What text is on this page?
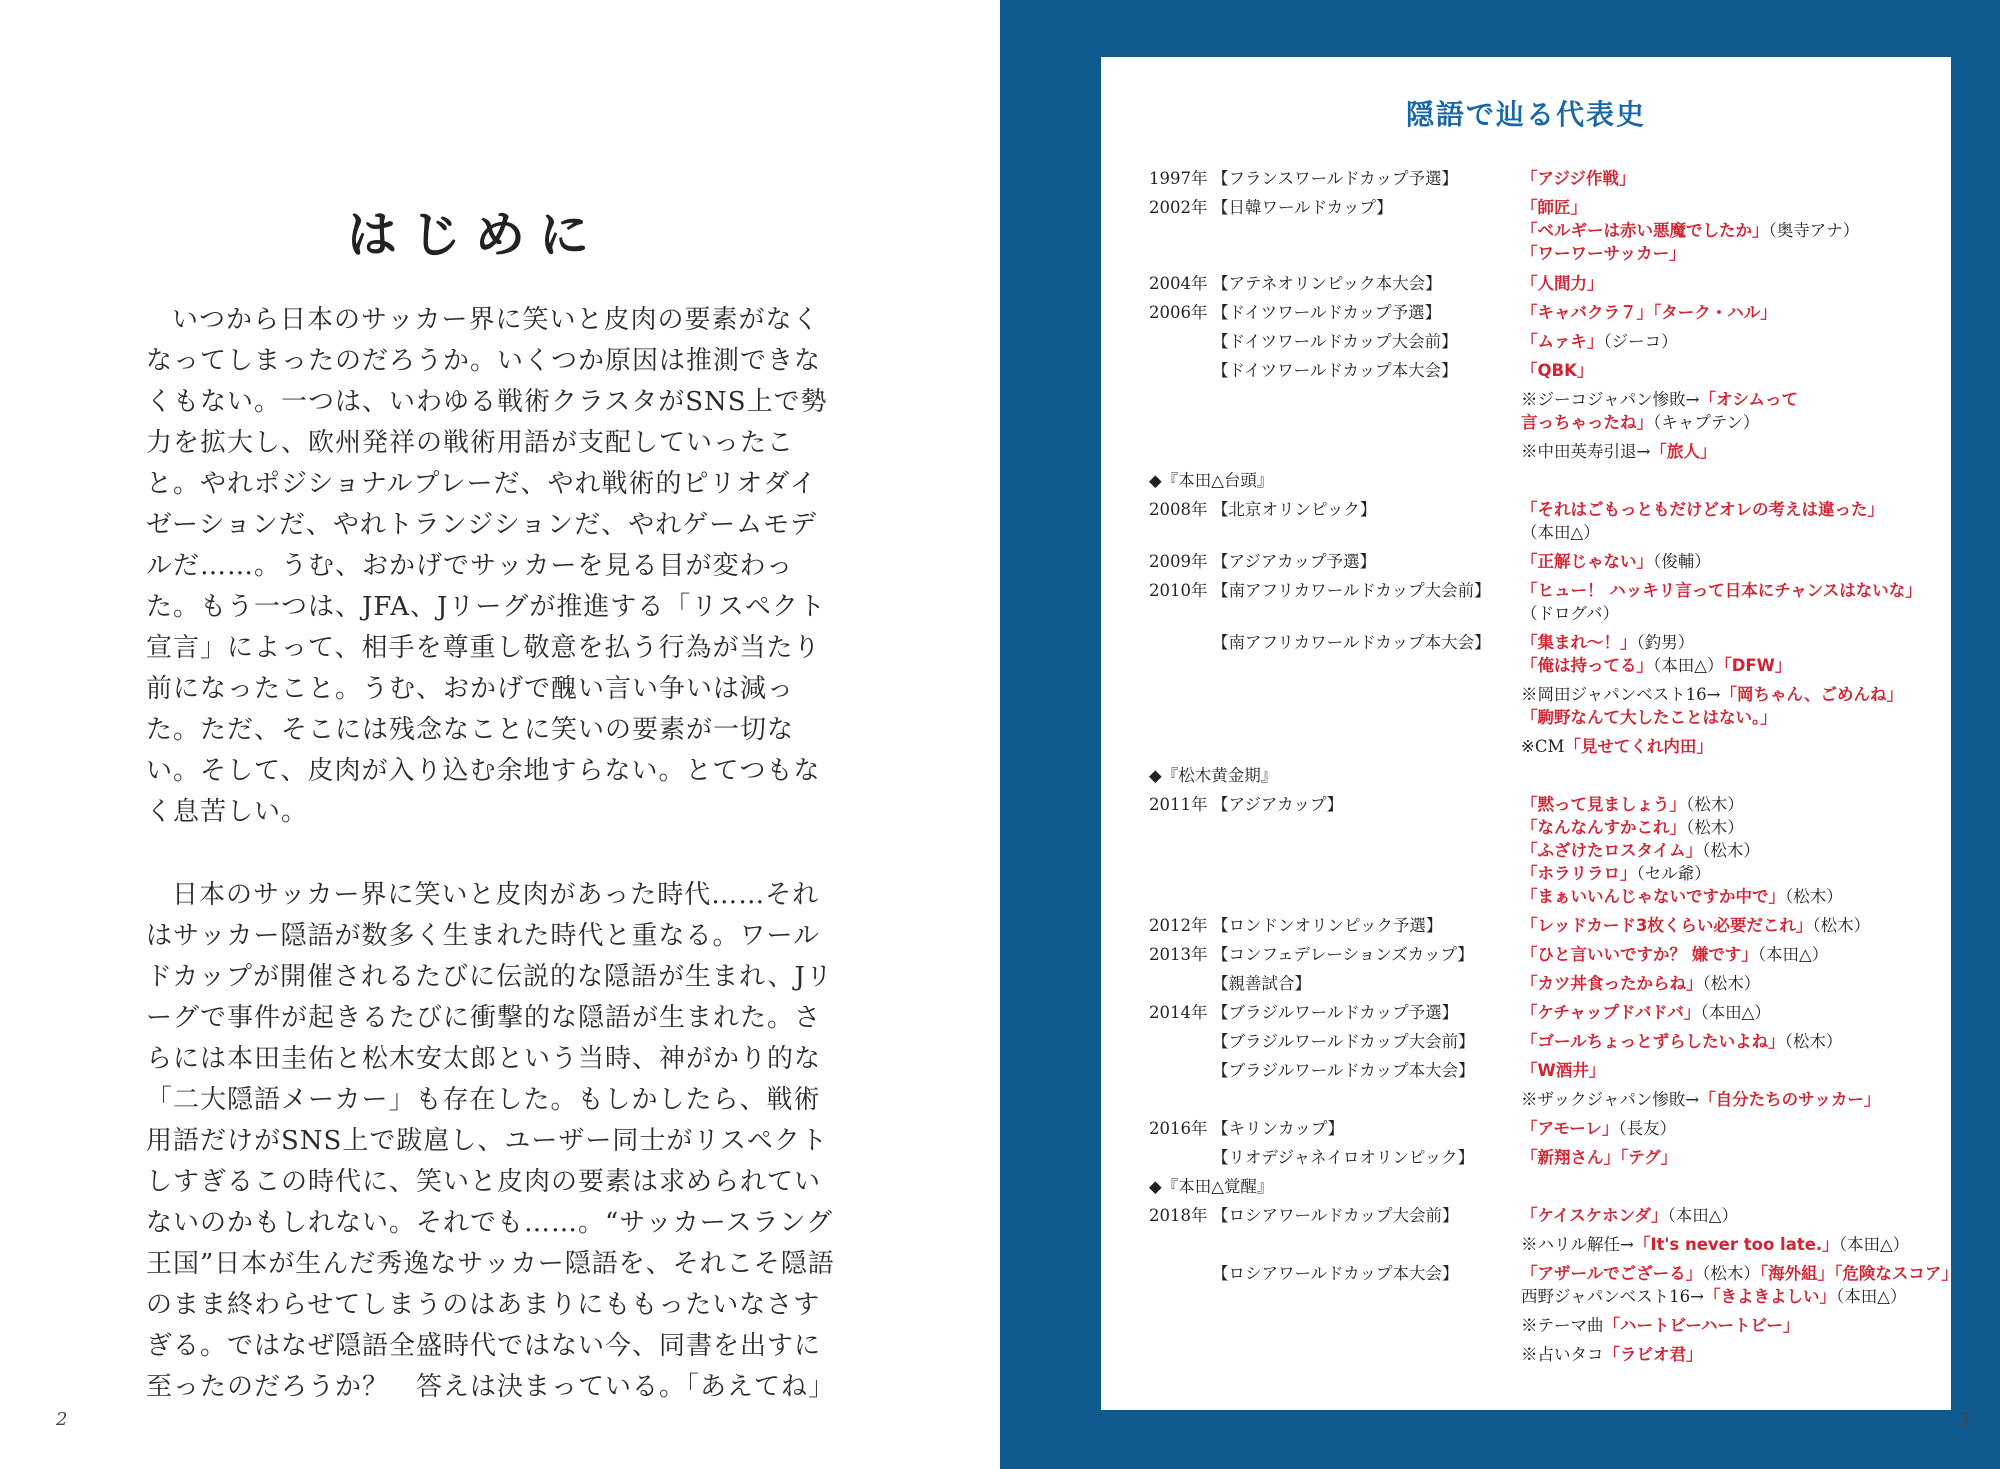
はじめに

いつから日本のサッカー界に笑いと皮肉の要素がなくなってしまったのだろうか。いくつか原因は推測できなくもない。一つは、いわゆる戦術クラスタがSNS上で勢力を拡大し、欧州発祥の戦術用語が支配していったこと。やれポジショナルプレーだ、やれ戦術的ピリオダイゼーションだ、やれトランジションだ、やれゲームモデルだ……。うむ、おかげでサッカーを見る目が変わった。もう一つは、JFA、Jリーグが推進する「リスペクト宣言」によって、相手を尊重し敬意を払う行為が当たり前になったこと。うむ、おかげで醜い言い争いは減った。ただ、そこには残念なことに笑いの要素が一切ない。そして、皮肉が入り込む余地すらない。とてつもなく息苦しい。

日本のサッカー界に笑いと皮肉があった時代……それはサッカー隠語が数多く生まれた時代と重なる。ワールドカップが開催されるたびに伝説的な隠語が生まれ、Jリーグで事件が起きるたびに衝撃的な隠語が生まれた。さらには本田圭佑と松木安太郎という当時、神がかり的な「二大隠語メーカー」も存在した。もしかしたら、戦術用語だけがSNS上で跋扈し、ユーザー同士がリスペクトしすぎるこの時代に、笑いと皮肉の要素は求められていないのかもしれない。それでも……。“サッカースラング王国”日本が生んだ秀逸なサッカー隠語を、それこそ隠語のまま終わらせてしまうのはあまりにももったいなさすぎる。ではなぜ隠語全盛時代ではない今、同書を出すに至ったのだろうか？　答えは決まっている。「あえてね」

2
隠語で辿る代表史
1997年 【フランスワールドカップ予選】	「アジジ作戦」
2002年 【日韓ワールドカップ】	「師匠」
「ベルギーは赤い悪魔でしたか」（奥寺アナ）
「ワーワーサッカー」
2004年 【アテネオリンピック本大会】	「人間力」
2006年 【ドイツワールドカップ予選】	「キャバクラ７」「ターク・ハル」
【ドイツワールドカップ大会前】	「ムァキ」（ジーコ）
【ドイツワールドカップ本大会】	「QBK」
※ジーコジャパン惨敗→「オシムって
言っちゃったね」（キャプテン）
※中田英寿引退→「旅人」
◆『本田△台頭』
2008年 【北京オリンピック】	「それはごもっともだけどオレの考えは違った」
（本田△）
2009年 【アジアカップ予選】	「正解じゃない」（俊輔）
2010年 【南アフリカワールドカップ大会前】 「ヒュー！ ハッキリ言って日本にチャンスはないな」
（ドログバ）
【南アフリカワールドカップ本大会】 「集まれ～！」（釣男）
「俺は持ってる」（本田△）「DFW」
※岡田ジャパンベスト16→「岡ちゃん、ごめんね」
「駒野なんて大したことはない。」
※CM「見せてくれ内田」
◆『松木黄金期』
2011年 【アジアカップ】	「黙って見ましょう」（松木）
「なんなんすかこれ」（松木）
「ふざけたロスタイム」（松木）
「ホラリラロ」（セル爺）
「まぁいいんじゃないですか中で」（松木）
2012年 【ロンドンオリンピック予選】	「レッドカード3枚くらい必要だこれ」（松木）
2013年 【コンフェデレーションズカップ】	「ひと言いいですか？ 嫌です」（本田△）
【親善試合】	「カツ丼食ったからね」（松木）
2014年 【ブラジルワールドカップ予選】	「ケチャップドバドバ」（本田△）
【ブラジルワールドカップ大会前】	「ゴールちょっとずらしたいよね」（松木）
【ブラジルワールドカップ本大会】	「W酒井」
※ザックジャパン惨敗→「自分たちのサッカー」
2016年 【キリンカップ】	「アモーレ」（長友）
【リオデジャネイロオリンピック】	「新翔さん」「テグ」
◆『本田△覚醒』
2018年 【ロシアワールドカップ大会前】	「ケイスケホンダ」（本田△）
※ハリル解任→「It's never too late.」（本田△）
【ロシアワールドカップ本大会】	「アザールでござーる」（松木）「海外組」「危険なスコア」
西野ジャパンベスト16→「きよきよしい」（本田△）
※テーマ曲「ハートビーハートビー」
※占いタコ「ラビオ君」
3
